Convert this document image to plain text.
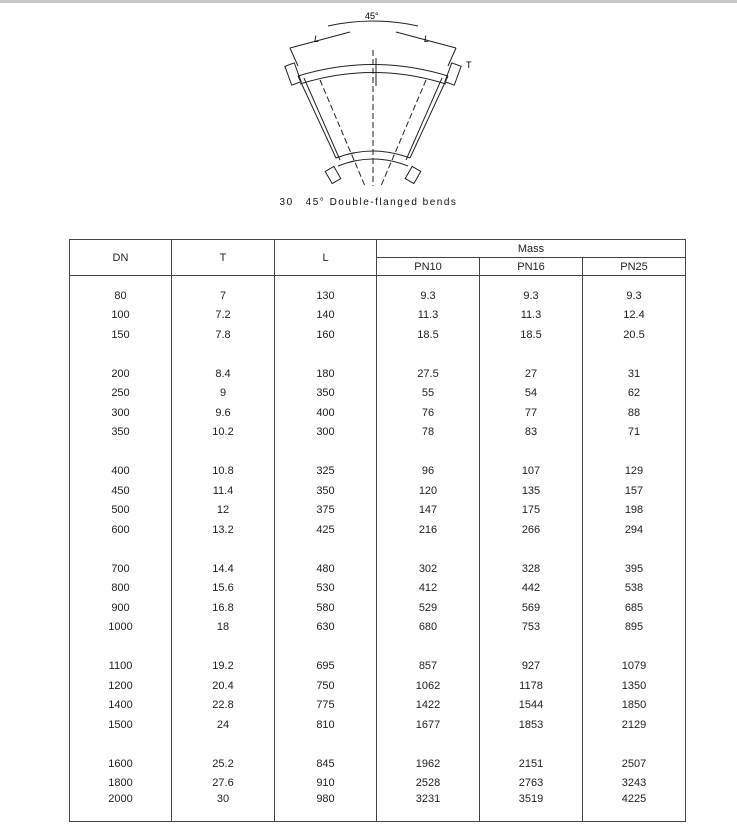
45°
L	L
T
30 45° Double-flanged bends
DN	T	L	Mass		
			PN10	PN16	PN25
80	7	130	9.3	9.3	9.3
100	7.2	140	11.3	11.3	12.4
150	7.8	160	18.5	18.5	20.5

200	8.4	180	27.5	27	31
250	9	350	55	54	62
300	9.6	400	76	77	88
350	10.2	300	78	83	71

400	10.8	325	96	107	129
450	11.4	350	120	135	157
500	12	375	147	175	198
600	13.2	425	216	266	294

700	14.4	480	302	328	395
800	15.6	530	412	442	538
900	16.8	580	529	569	685
1000	18	630	680	753	895

1100	19.2	695	857	927	1079
1200	20.4	750	1062	1178	1350
1400	22.8	775	1422	1544	1850
1500	24	810	1677	1853	2129

1600	25.2	845	1962	2151	2507
1800	27.6	910	2528	2763	3243
2000	30	980	3231	3519	4225
